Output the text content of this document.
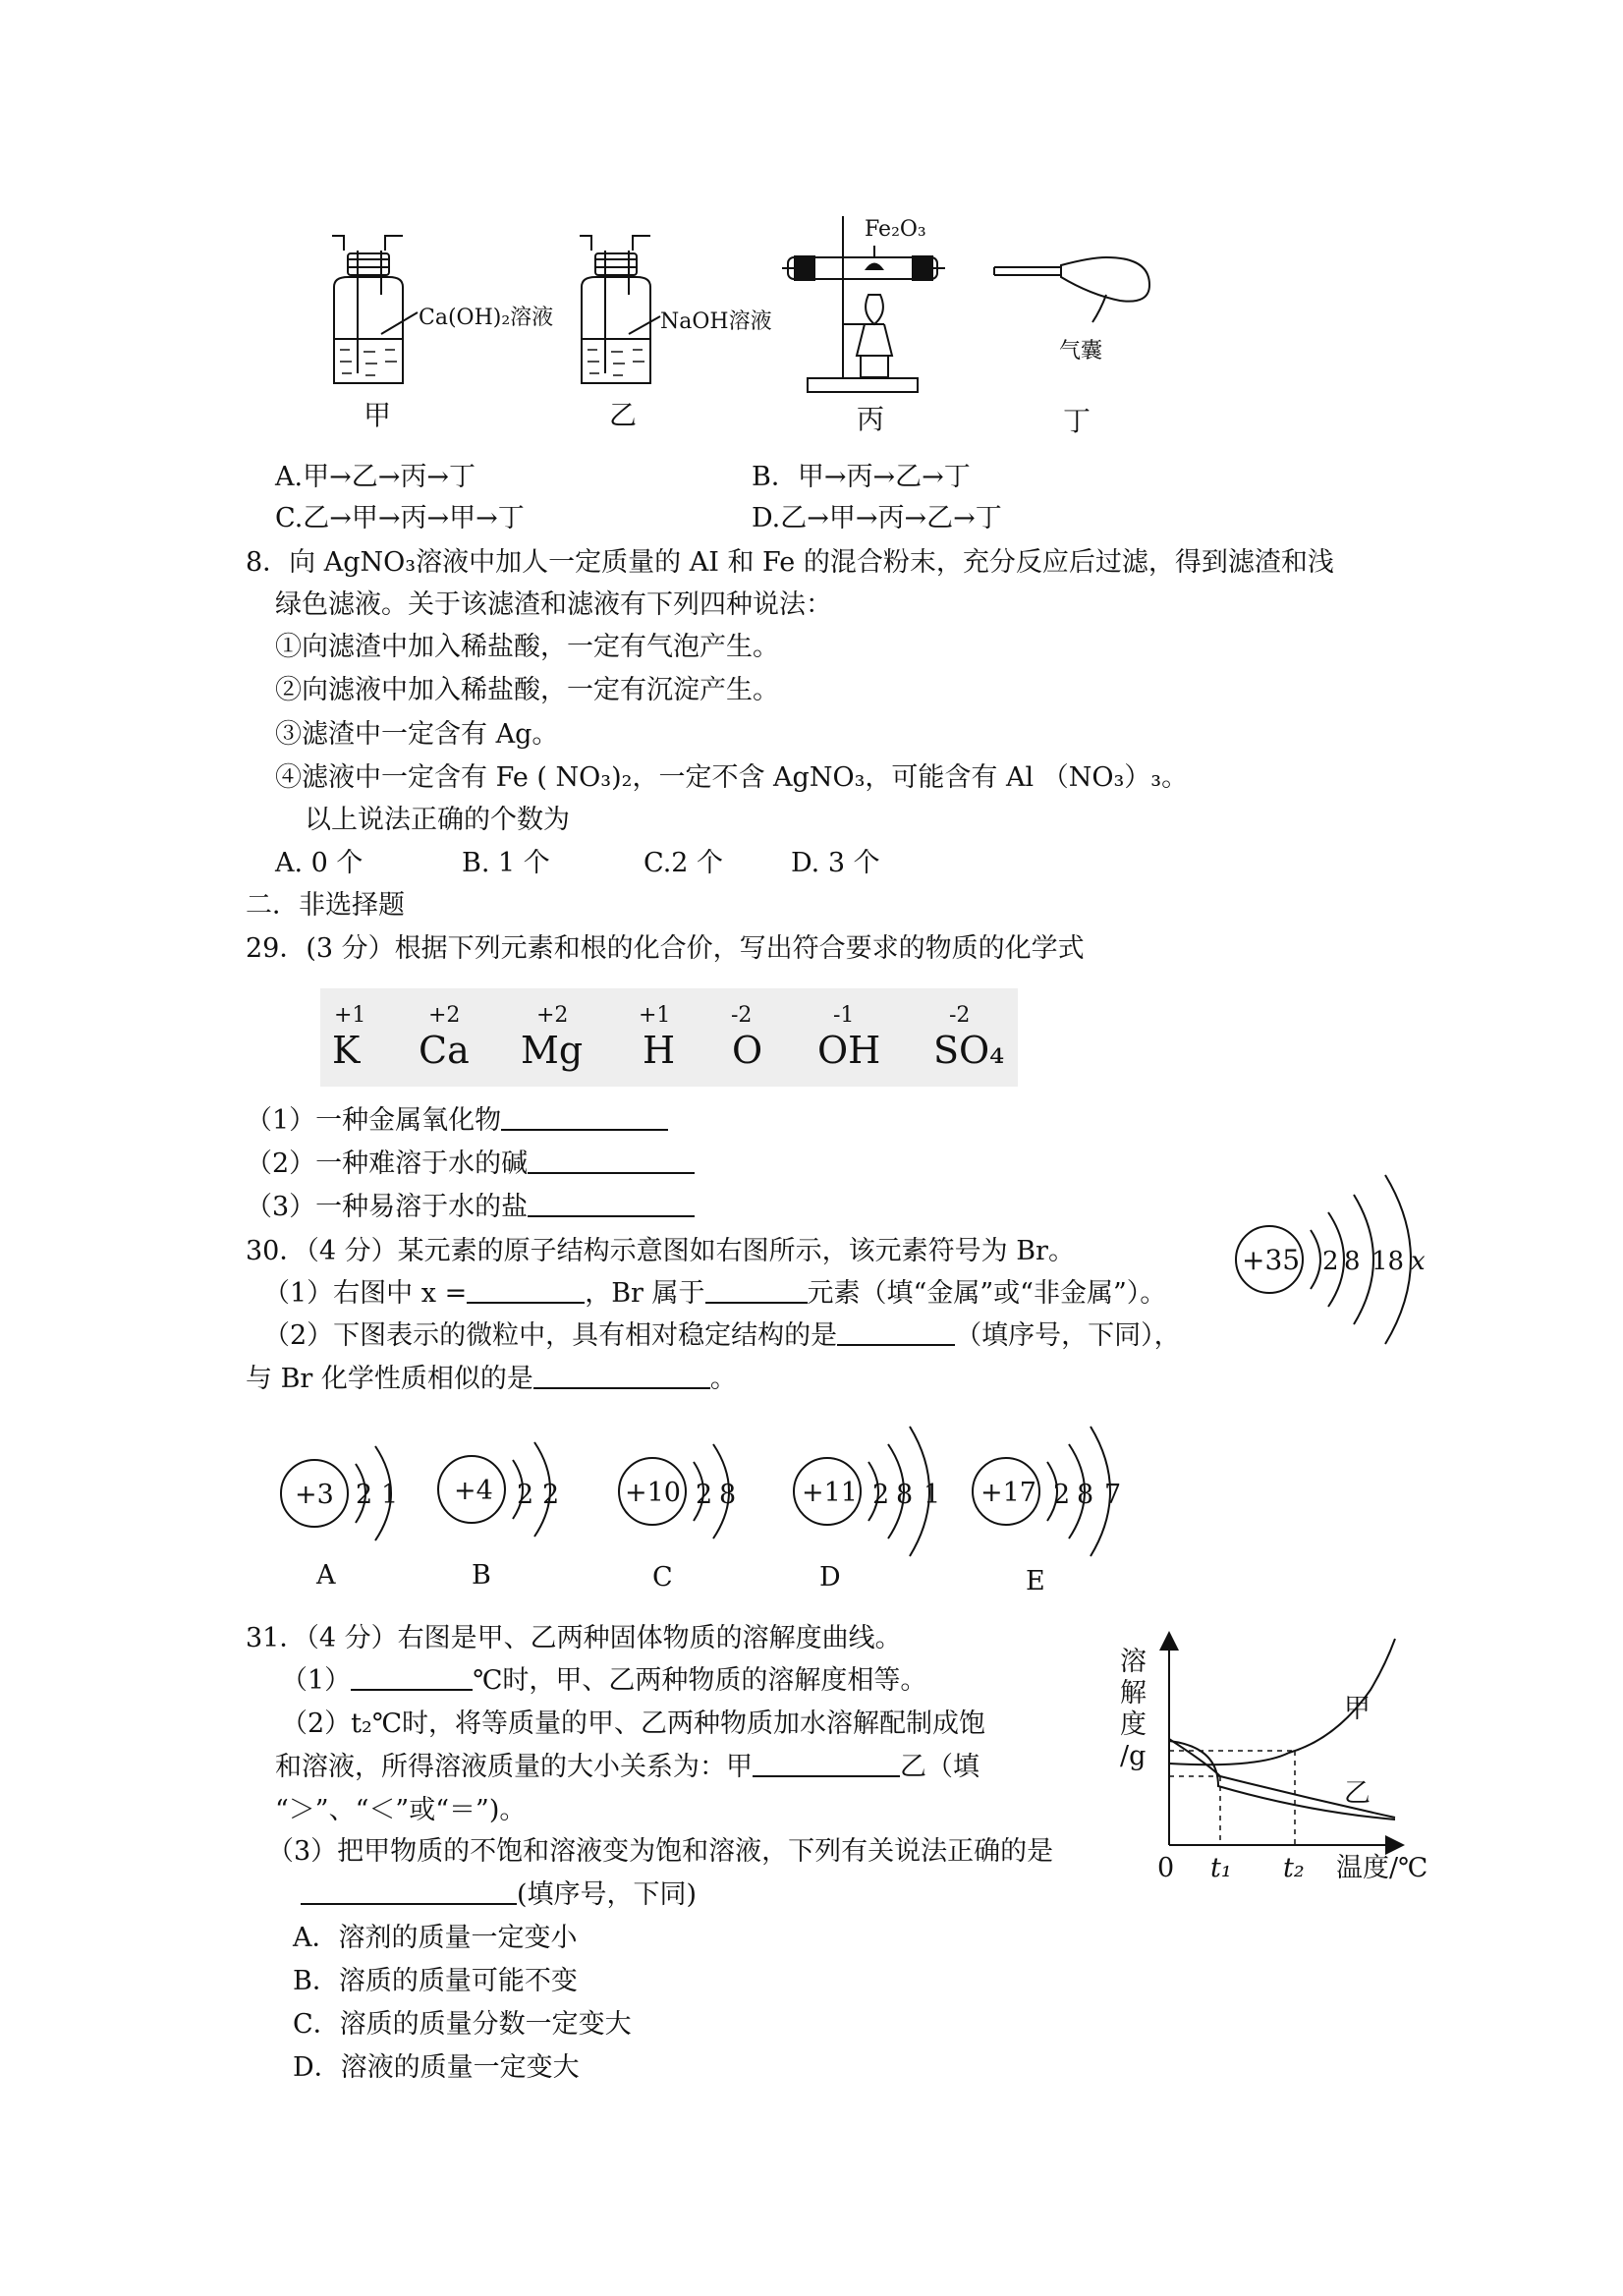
Ca(OH)₂溶液
甲
NaOH溶液
乙
Fe₂O₃
丙
气囊
丁
A.甲→乙→丙→丁	B．甲→丙→乙→丁
C.乙→甲→丙→甲→丁	D.乙→甲→丙→乙→丁
8．向 AgNO₃溶液中加人一定质量的 AI 和 Fe 的混合粉末，充分反应后过滤，得到滤渣和浅
绿色滤液。关于该滤渣和滤液有下列四种说法：
①向滤渣中加入稀盐酸，一定有气泡产生。
②向滤液中加入稀盐酸，一定有沉淀产生。
③滤渣中一定含有 Ag。
④滤液中一定含有 Fe ( NO₃)₂，一定不含 AgNO₃，可能含有 Al （NO₃）₃。
以上说法正确的个数为
A. 0 个	B. 1 个	C.2 个	D. 3 个
二．非选择题
29．(3 分）根据下列元素和根的化合价，写出符合要求的物质的化学式
K Ca Mg H O OH SO₄
+1	+2	+2	+1	-2	-1	-2
（1）一种金属氧化物
（2）一种难溶于水的碱
（3）一种易溶于水的盐
30．（4 分）某元素的原子结构示意图如右图所示，该元素符号为 Br。
（1）右图中 x =	，Br 属于	元素（填“金属”或“非金属”）。
（2）下图表示的微粒中，具有相对稳定结构的是	（填序号，下同），
与 Br 化学性质相似的是	。
+35 2 8 18 x
+3 2 1
A
+4 2 2
B
+10 2 8
C
+11 2 8 1
D
+17 2 8 7
E
31．（4 分）右图是甲、乙两种固体物质的溶解度曲线。
（1）	℃时，甲、乙两种物质的溶解度相等。
（2）t₂℃时，将等质量的甲、乙两种物质加水溶解配制成饱
和溶液，所得溶液质量的大小关系为：甲	乙（填
“＞”、“＜”或“＝”)。
（3）把甲物质的不饱和溶液变为饱和溶液，下列有关说法正确的是
(填序号，下同)
A．溶剂的质量一定变小
B．溶质的质量可能不变
C．溶质的质量分数一定变大
D．溶液的质量一定变大
溶
解
度
/g
甲
乙
0 t₁ t₂ 温度/℃
